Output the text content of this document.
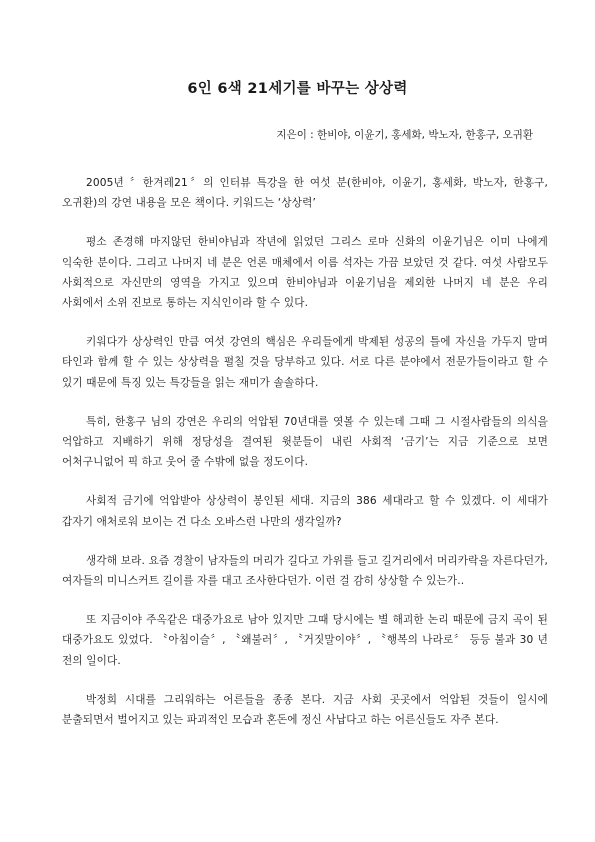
6인 6색 21세기를 바꾸는 상상력

지은이 : 한비야, 이윤기, 홍세화, 박노자, 한홍구, 오귀환

2005년 〞한겨레21〞의 인터뷰 특강을 한 여섯 분(한비야, 이윤기, 홍세화, 박노자, 한홍구, 오귀환)의 강연 내용을 모은 책이다. 키워드는 ‘상상력’

평소 존경해 마지않던 한비야님과 작년에 읽었던 그리스 로마 신화의 이윤기님은 이미 나에게 익숙한 분이다. 그리고 나머지 네 분은 언론 매체에서 이름 석자는 가끔 보았던 것 같다. 여섯 사람모두 사회적으로 자신만의 영역을 가지고 있으며 한비야님과 이윤기님을 제외한 나머지 네 분은 우리 사회에서 소위 진보로 통하는 지식인이라 할 수 있다.

키워다가 상상력인 만큼 여섯 강연의 핵심은 우리들에게 박제된 성공의 틀에 자신을 가두지 말며 타인과 함께 할 수 있는 상상력을 펼칠 것을 당부하고 있다. 서로 다른 분야에서 전문가들이라고 할 수 있기 때문에 특징 있는 특강들을 읽는 재미가 솔솔하다.

특히, 한홍구 님의 강연은 우리의 억압된 70년대를 엿볼 수 있는데 그때 그 시절사람들의 의식을 억압하고 지배하기 위해 정당성을 결여된 윗분들이 내린 사회적 ‘금기’는 지금 기준으로 보면 어처구니없어 픽 하고 웃어 줄 수밖에 없을 정도이다.

사회적 금기에 억압받아 상상력이 봉인된 세대. 지금의 386 세대라고 할 수 있겠다. 이 세대가 갑자기 애처로워 보이는 건 다소 오바스런 나만의 생각일까?

생각해 보라. 요즘 경찰이 남자들의 머리가 길다고 가위를 들고 길거리에서 머리카락을 자른다던가, 여자들의 미니스커트 길이를 자를 대고 조사한다던가. 이런 걸 감히 상상할 수 있는가..

또 지금이야 주옥같은 대중가요로 남아 있지만 그때 당시에는 별 해괴한 논리 때문에 금지 곡이 된 대중가요도 있었다. 〝아침이슬〞, 〝왜불러〞, 〝거짓말이야〞, 〝행복의 나라로〞 등등 불과 30 년 전의 일이다.

박정희 시대를 그리워하는 어른들을 종종 본다. 지금 사회 곳곳에서 억압된 것들이 일시에 분출되면서 벌어지고 있는 파괴적인 모습과 혼돈에 정신 사납다고 하는 어른신들도 자주 본다.
